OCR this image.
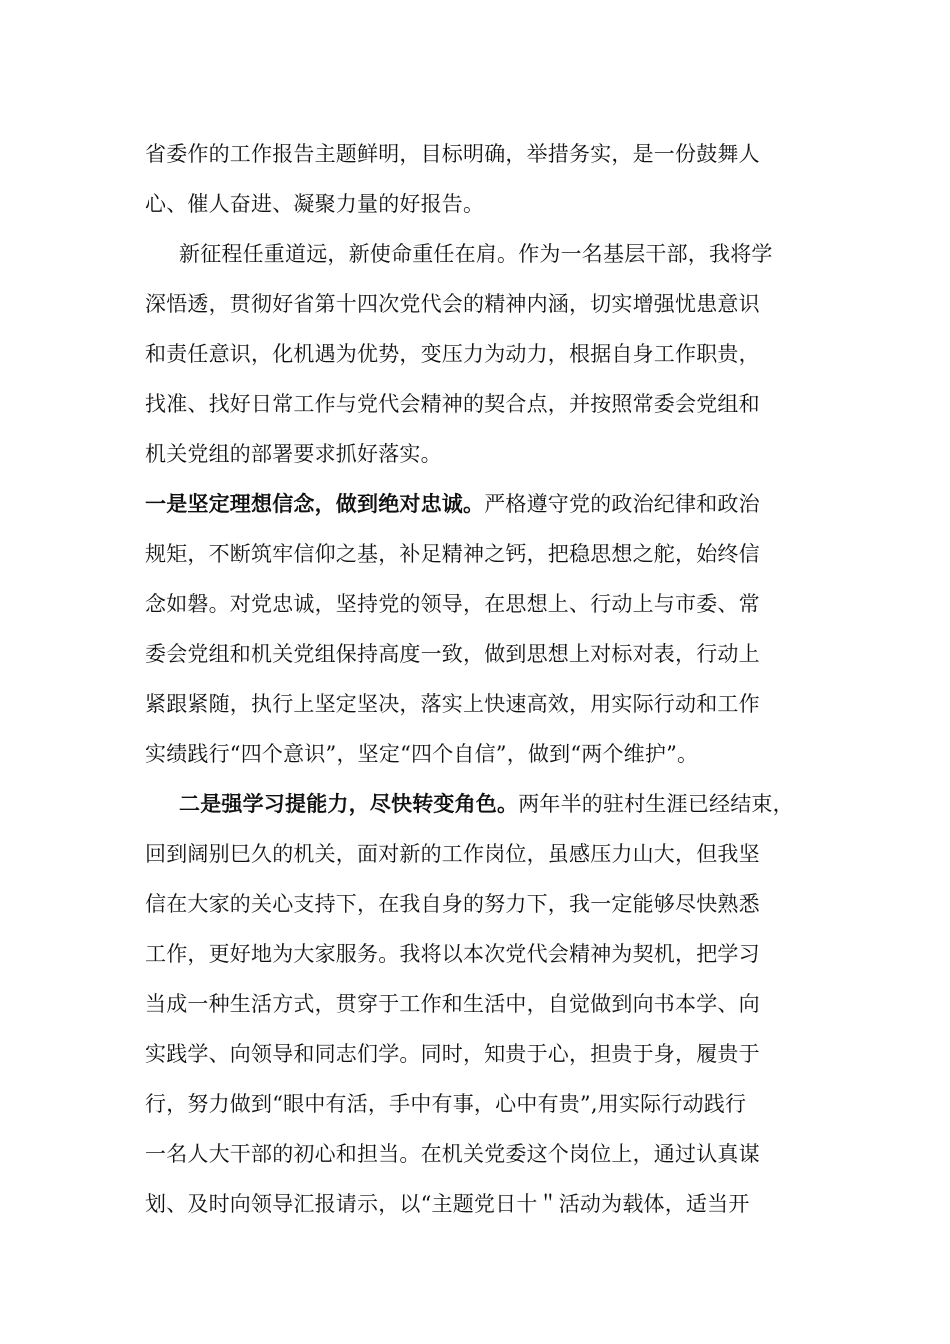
省委作的工作报告主题鲜明，目标明确，举措务实，是一份鼓舞人
心、催人奋进、凝聚力量的好报告。
新征程任重道远，新使命重任在肩。作为一名基层干部，我将学
深悟透，贯彻好省第十四次党代会的精神内涵，切实增强忧患意识
和责任意识，化机遇为优势，变压力为动力，根据自身工作职贵，
找准、找好日常工作与党代会精神的契合点，并按照常委会党组和
机关党组的部署要求抓好落实。
一是坚定理想信念，做到绝对忠诚。严格遵守党的政治纪律和政治
规矩，不断筑牢信仰之基，补足精神之钙，把稳思想之舵，始终信
念如磐。对党忠诚，坚持党的领导，在思想上、行动上与市委、常
委会党组和机关党组保持高度一致，做到思想上对标对表，行动上
紧跟紧随，执行上坚定坚决，落实上快速高效，用实际行动和工作
实绩践行“四个意识”，坚定“四个自信”，做到“两个维护”。
二是强学习提能力，尽快转变角色。两年半的驻村生涯已经结束，
回到阔别巳久的机关，面对新的工作岗位，虽感压力山大，但我坚
信在大家的关心支持下，在我自身的努力下，我一定能够尽快熟悉
工作，更好地为大家服务。我将以本次党代会精神为契机，把学习
当成一种生活方式，贯穿于工作和生活中，自觉做到向书本学、向
实践学、向领导和同志们学。同时，知贵于心，担贵于身，履贵于
行，努力做到“眼中有活，手中有事，心中有贵”,用实际行动践行
一名人大干部的初心和担当。在机关党委这个岗位上，通过认真谋
划、及时向领导汇报请示，以“主题党日十＂活动为载体，适当开
